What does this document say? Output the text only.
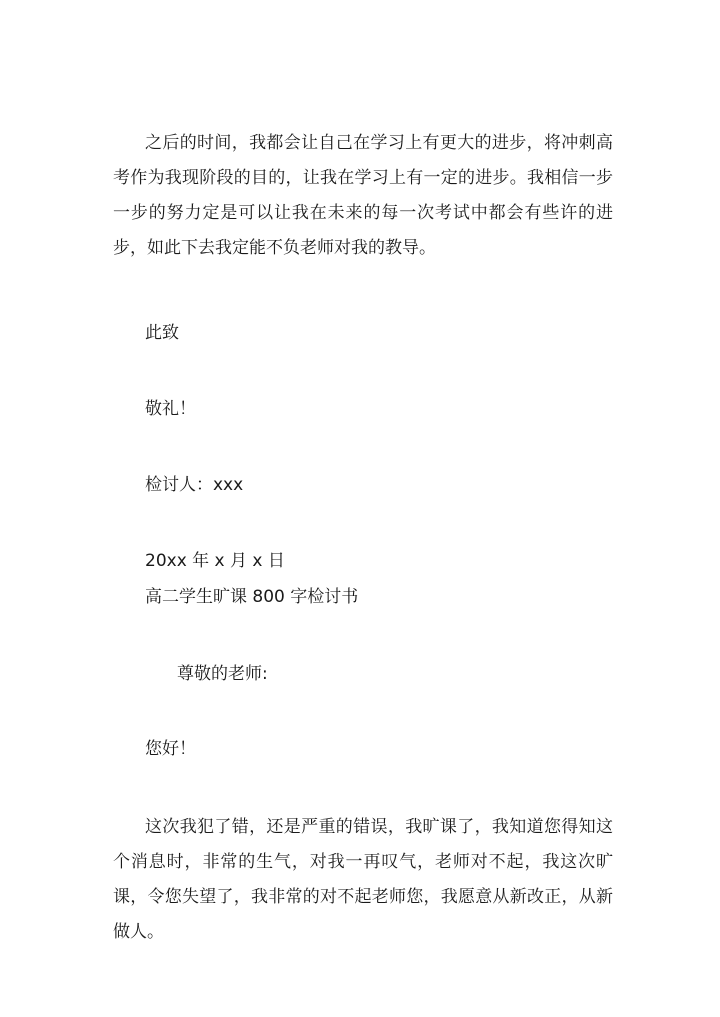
之后的时间，我都会让自己在学习上有更大的进步，将冲刺高考作为我现阶段的目的，让我在学习上有一定的进步。我相信一步一步的努力定是可以让我在未来的每一次考试中都会有些许的进步，如此下去我定能不负老师对我的教导。

此致

敬礼！

检讨人：xxx

20xx 年 x 月 x 日

高二学生旷课 800 字检讨书

尊敬的老师:

您好！

这次我犯了错，还是严重的错误，我旷课了，我知道您得知这个消息时，非常的生气，对我一再叹气，老师对不起，我这次旷课，令您失望了，我非常的对不起老师您，我愿意从新改正，从新做人。
